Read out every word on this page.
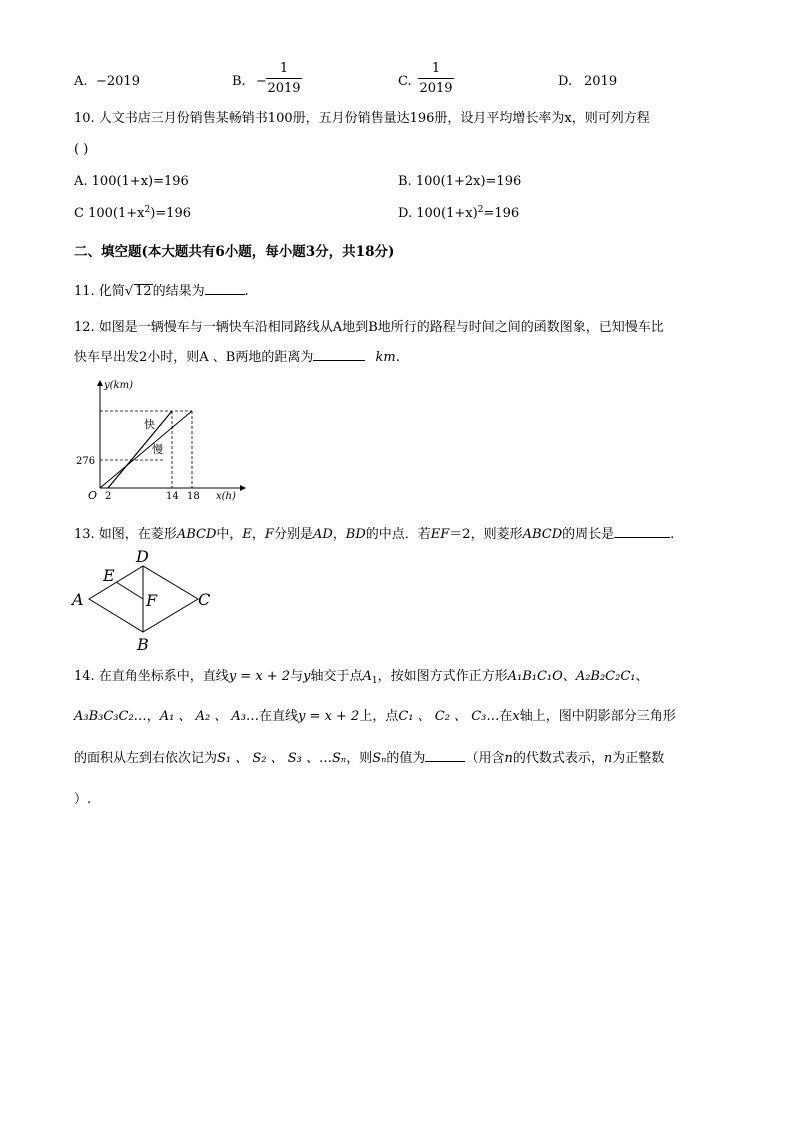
A. −2019	B. −
1
2019	C.
1
2019	D. 2019
10. 人文书店三月份销售某畅销书100册，五月份销售量达196册，设月平均增长率为x，则可列方程
( )
A. 100(1+x)=196	B. 100(1+2x)=196
C $100(1+x^2)=196$	D. $100(1+x)^2=196$
二、填空题(本大题共有6小题，每小题3分，共18分)
11. 化简√ 12的结果为	.
12. 如图是一辆慢车与一辆快车沿相同路线从A地到B地所行的路程与时间之间的函数图象，已知慢车比
快车早出发2小时，则A 、B两地的距离为	km.
y(km)
x(h)
O
276
2	14 18
快
慢
13. 如图，在菱形ABCD中，E，F分别是AD，BD的中点．若EF＝2，则菱形ABCD的周长是	.
A
D
C
B
E
F
14. 在直角坐标系中，直线y = x + 2与y轴交于点$A_1$，按如图方式作正方形A₁B₁C₁O、A₂B₂C₂C₁、
A₃B₃C₃C₂…，A₁ 、 A₂ 、 A₃…在直线y = x + 2上，点C₁ 、 C₂ 、 C₃…在x轴上，图中阴影部分三角形
的面积从左到右依次记为S₁ 、 S₂ 、 S₃ 、…Sₙ，则Sₙ的值为	（用含n的代数式表示，n为正整数
）.
